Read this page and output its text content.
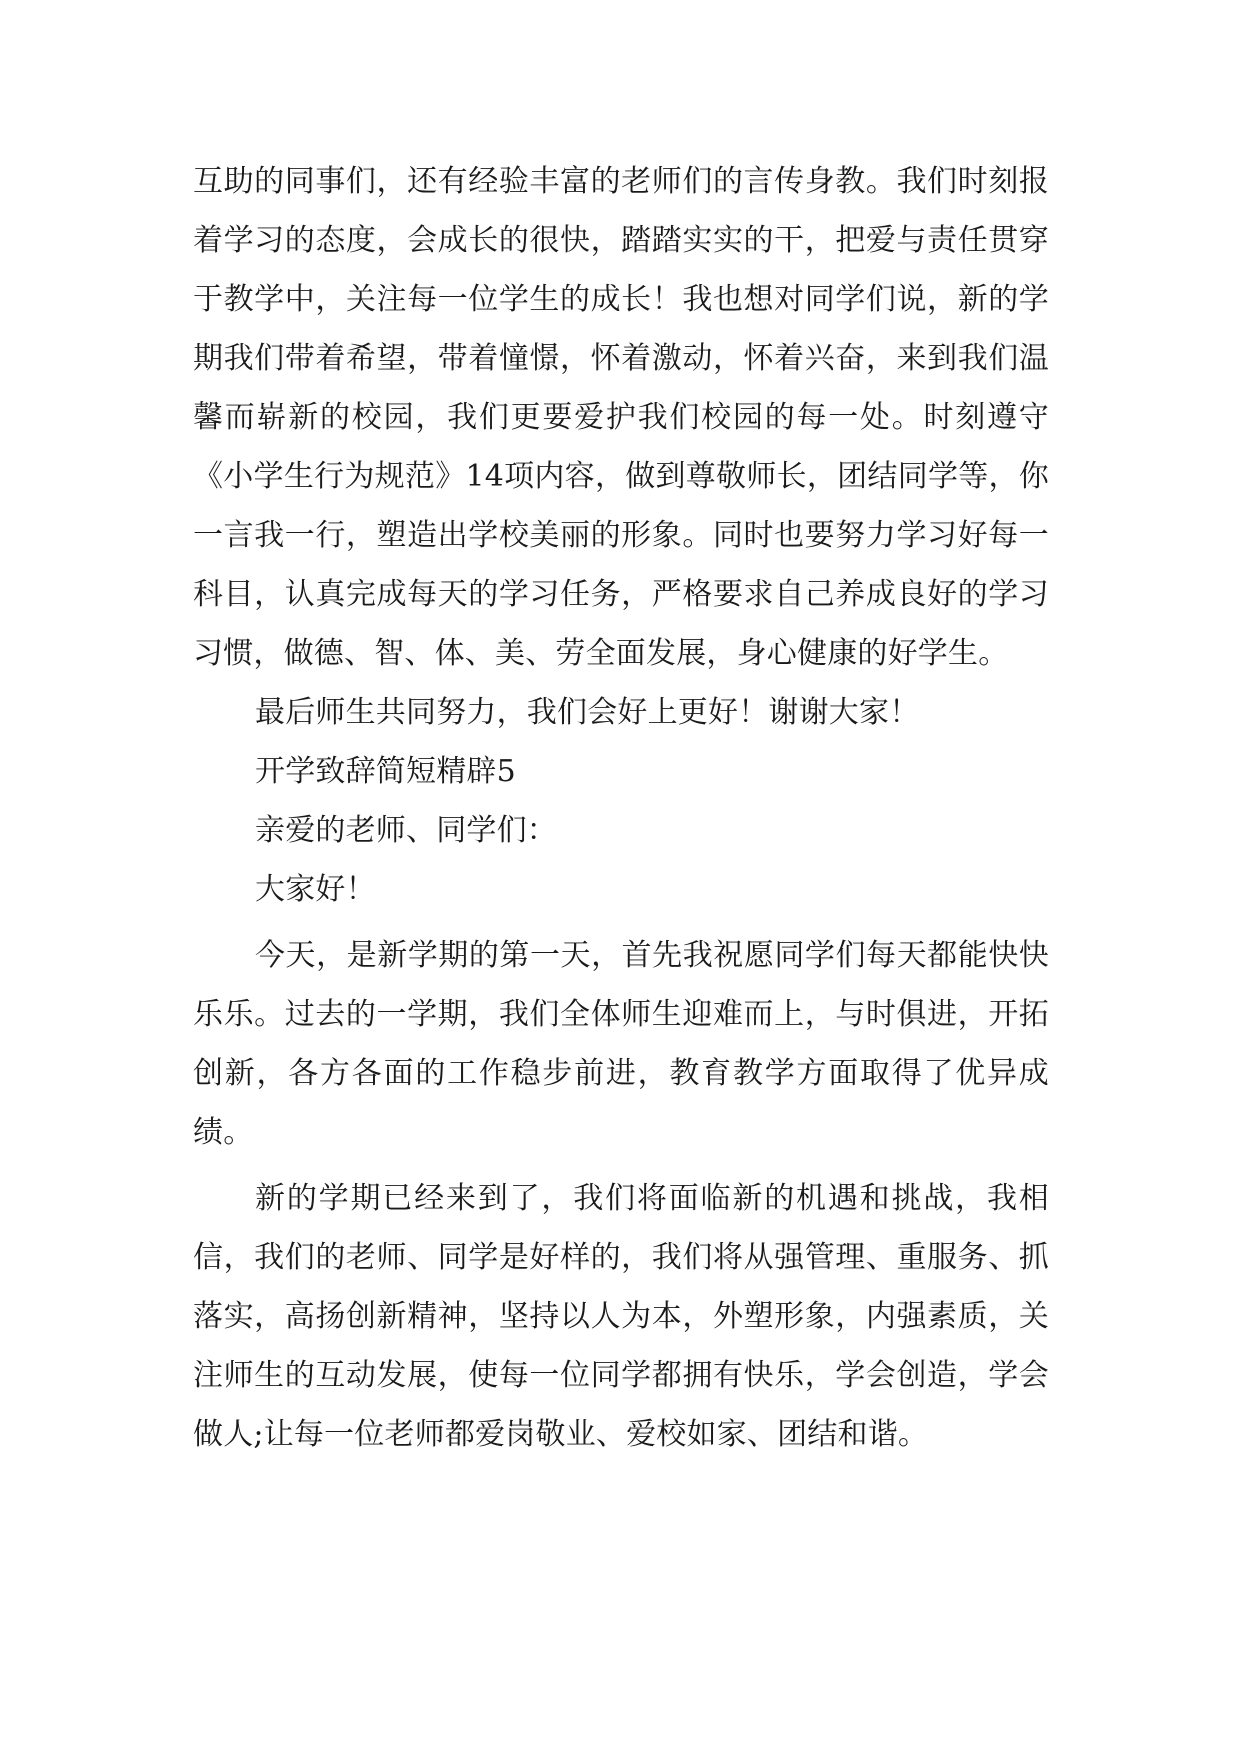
互助的同事们，还有经验丰富的老师们的言传身教。我们时刻报着学习的态度，会成长的很快，踏踏实实的干，把爱与责任贯穿于教学中，关注每一位学生的成长！我也想对同学们说，新的学期我们带着希望，带着憧憬，怀着激动，怀着兴奋，来到我们温馨而崭新的校园，我们更要爱护我们校园的每一处。时刻遵守《小学生行为规范》14项内容，做到尊敬师长，团结同学等，你一言我一行，塑造出学校美丽的形象。同时也要努力学习好每一科目，认真完成每天的学习任务，严格要求自己养成良好的学习习惯，做德、智、体、美、劳全面发展，身心健康的好学生。

最后师生共同努力，我们会好上更好！谢谢大家！

开学致辞简短精辟5

亲爱的老师、同学们：

大家好！

今天，是新学期的第一天，首先我祝愿同学们每天都能快快乐乐。过去的一学期，我们全体师生迎难而上，与时俱进，开拓创新，各方各面的工作稳步前进，教育教学方面取得了优异成绩。

新的学期已经来到了，我们将面临新的机遇和挑战，我相信，我们的老师、同学是好样的，我们将从强管理、重服务、抓落实，高扬创新精神，坚持以人为本，外塑形象，内强素质，关注师生的互动发展，使每一位同学都拥有快乐，学会创造，学会做人;让每一位老师都爱岗敬业、爱校如家、团结和谐。
